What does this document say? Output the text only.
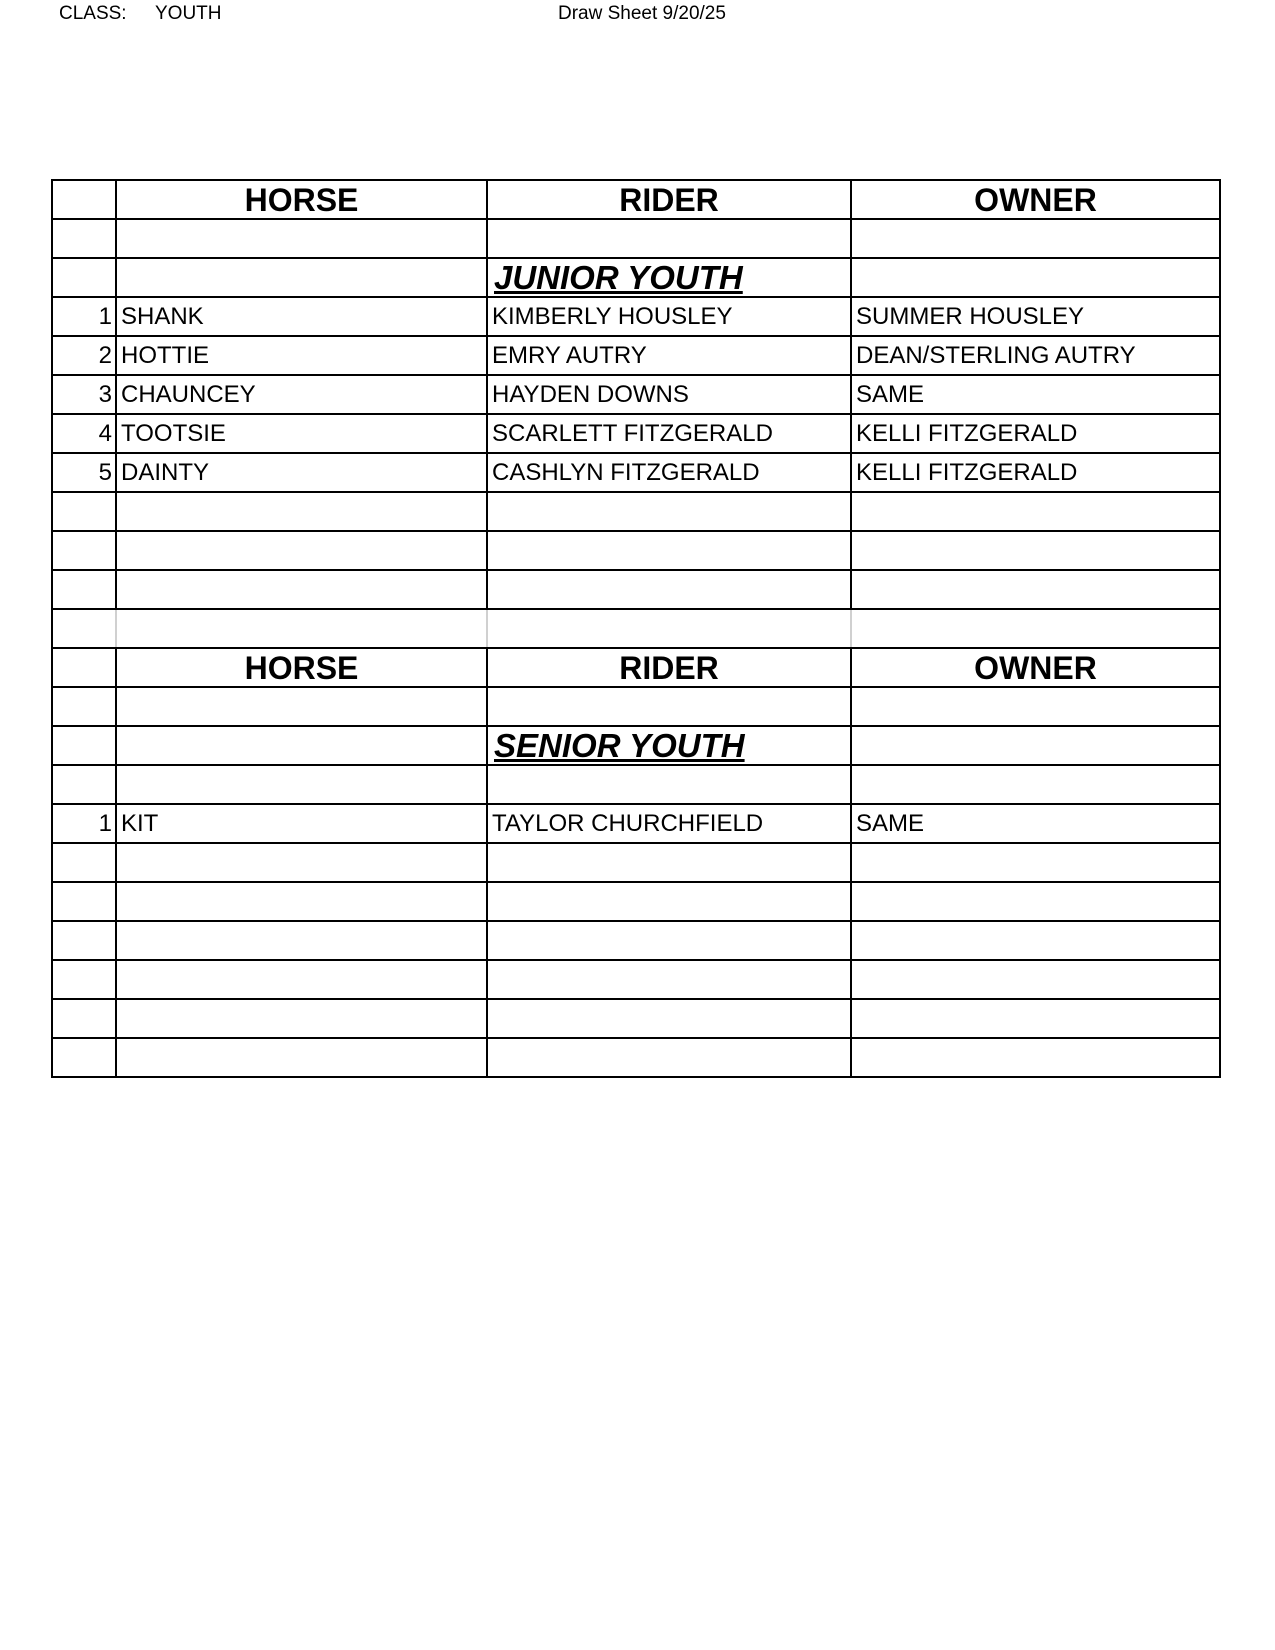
CLASS: YOUTH	Draw Sheet 9/20/25
	HORSE	RIDER	OWNER

		JUNIOR YOUTH	
1	SHANK	KIMBERLY HOUSLEY	SUMMER HOUSLEY
2	HOTTIE	EMRY AUTRY	DEAN/STERLING AUTRY
3	CHAUNCEY	HAYDEN DOWNS	SAME
4	TOOTSIE	SCARLETT FITZGERALD	KELLI FITZGERALD
5	DAINTY	CASHLYN FITZGERALD	KELLI FITZGERALD

	HORSE	RIDER	OWNER

		SENIOR YOUTH	

1	KIT	TAYLOR CHURCHFIELD	SAME
